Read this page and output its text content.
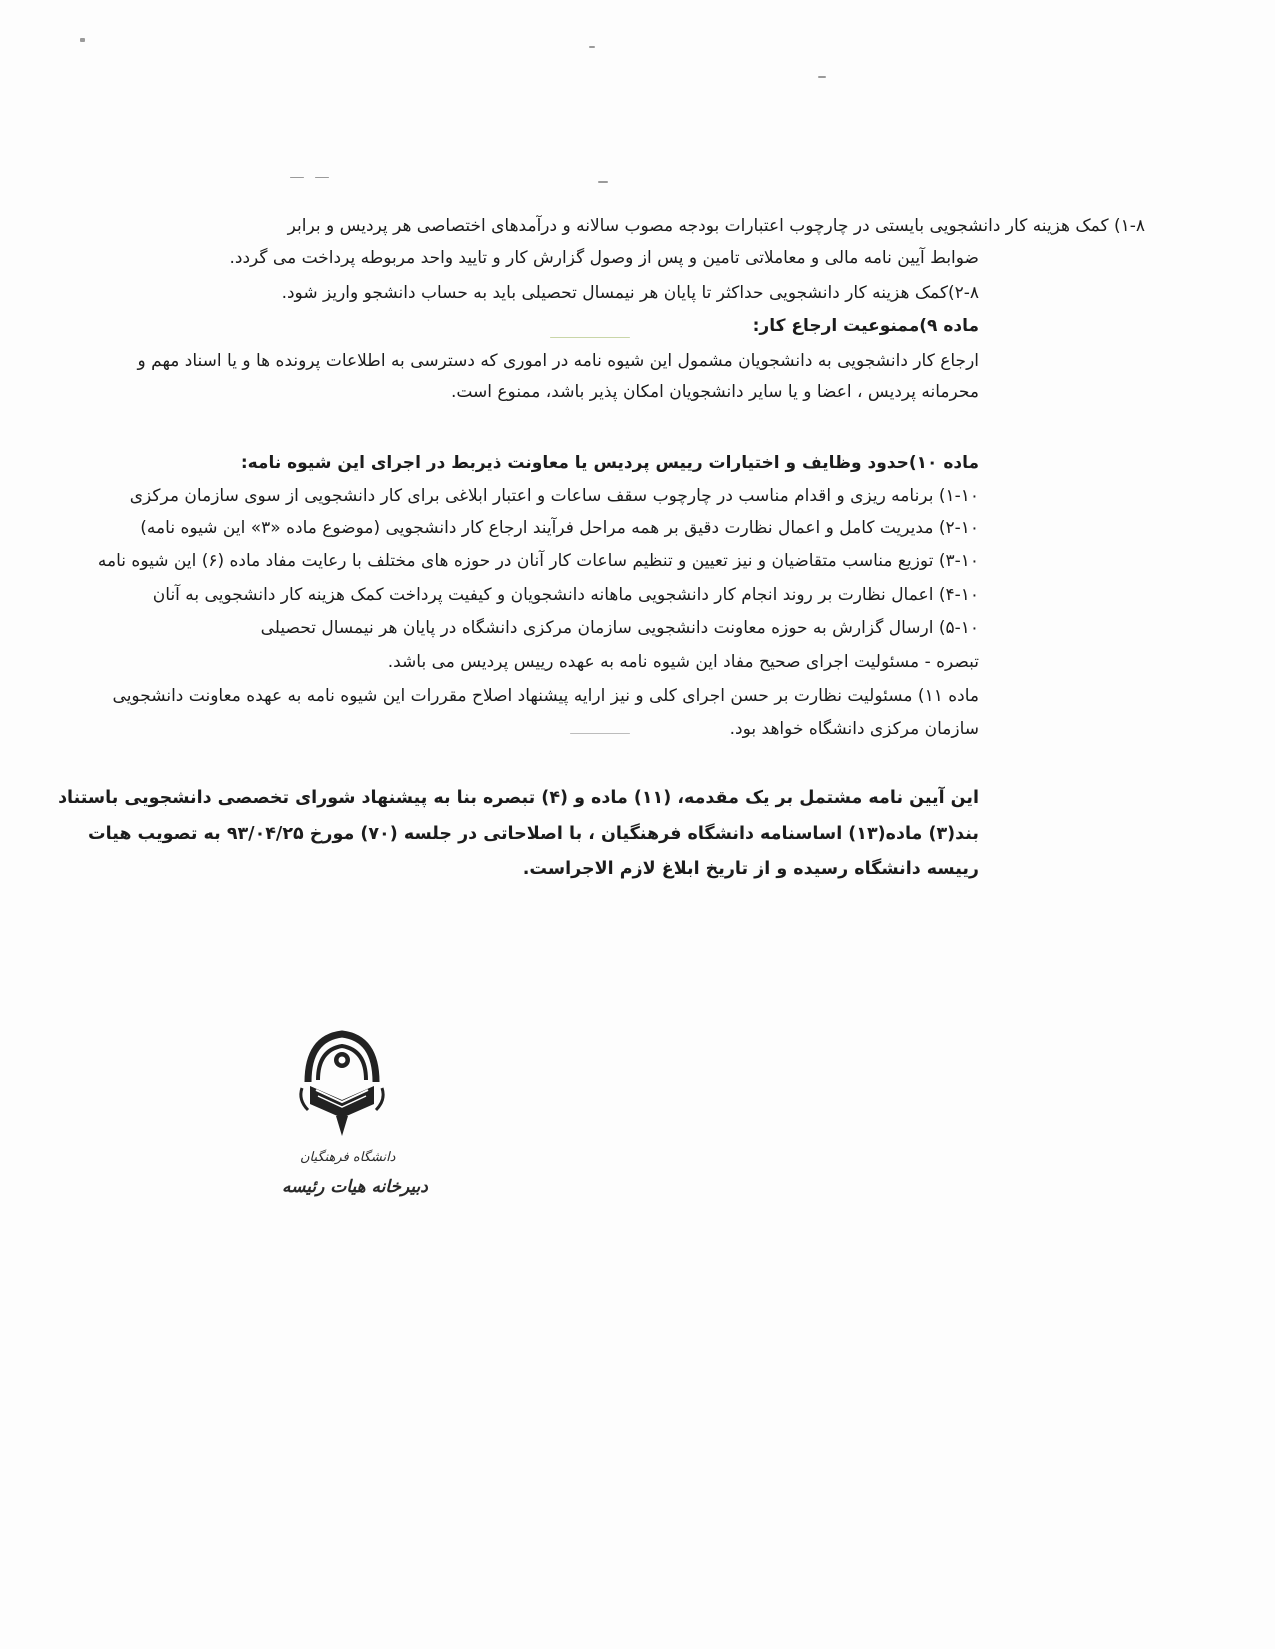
۱-۸) کمک هزینه کار دانشجویی بایستی در چارچوب اعتبارات بودجه مصوب سالانه و درآمدهای اختصاصی هر پردیس و برابر
ضوابط آیین نامه مالی و معاملاتی تامین و پس از وصول گزارش کار و تایید واحد مربوطه پرداخت می گردد.
۲-۸)کمک هزینه کار دانشجویی حداکثر تا پایان هر نیمسال تحصیلی باید به حساب دانشجو واریز شود.
ماده ۹)ممنوعیت ارجاع کار:
ارجاع کار دانشجویی به دانشجویان مشمول این شیوه نامه در اموری که دسترسی به اطلاعات پرونده ها و یا اسناد مهم و
محرمانه پردیس ، اعضا و یا سایر دانشجویان امکان پذیر باشد، ممنوع است.
ماده ۱۰)حدود وظایف و اختیارات رییس پردیس یا معاونت ذیربط در اجرای این شیوه نامه:
۱-۱۰) برنامه ریزی و اقدام مناسب در چارچوب سقف ساعات و اعتبار ابلاغی برای کار دانشجویی از سوی سازمان مرکزی
۲-۱۰) مدیریت کامل و اعمال نظارت دقیق بر همه مراحل فرآیند ارجاع کار دانشجویی (موضوع ماده «۳» این شیوه نامه)
۳-۱۰) توزیع مناسب متقاضیان و نیز تعیین و تنظیم ساعات کار آنان در حوزه های مختلف با رعایت مفاد ماده (۶) این شیوه نامه
۴-۱۰) اعمال نظارت بر روند انجام کار دانشجویی ماهانه دانشجویان و کیفیت پرداخت کمک هزینه کار دانشجویی به آنان
۵-۱۰) ارسال گزارش به حوزه معاونت دانشجویی سازمان مرکزی دانشگاه در پایان هر نیمسال تحصیلی
تبصره - مسئولیت اجرای صحیح مفاد این شیوه نامه به عهده رییس پردیس می باشد.
ماده ۱۱) مسئولیت نظارت بر حسن اجرای کلی و نیز ارایه پیشنهاد اصلاح مقررات این شیوه نامه به عهده معاونت دانشجویی
سازمان مرکزی دانشگاه خواهد بود.
این آیین نامه مشتمل بر یک مقدمه، (۱۱) ماده و (۴) تبصره بنا به پیشنهاد شورای تخصصی دانشجویی باستناد
بند(۳) ماده(۱۳) اساسنامه دانشگاه فرهنگیان ، با اصلاحاتی در جلسه (۷۰) مورخ ۹۳/۰۴/۲۵ به تصویب هیات
رییسه دانشگاه رسیده و از تاریخ ابلاغ لازم الاجراست.
دانشگاه فرهنگیان
دبیرخانه هیات رئیسه
